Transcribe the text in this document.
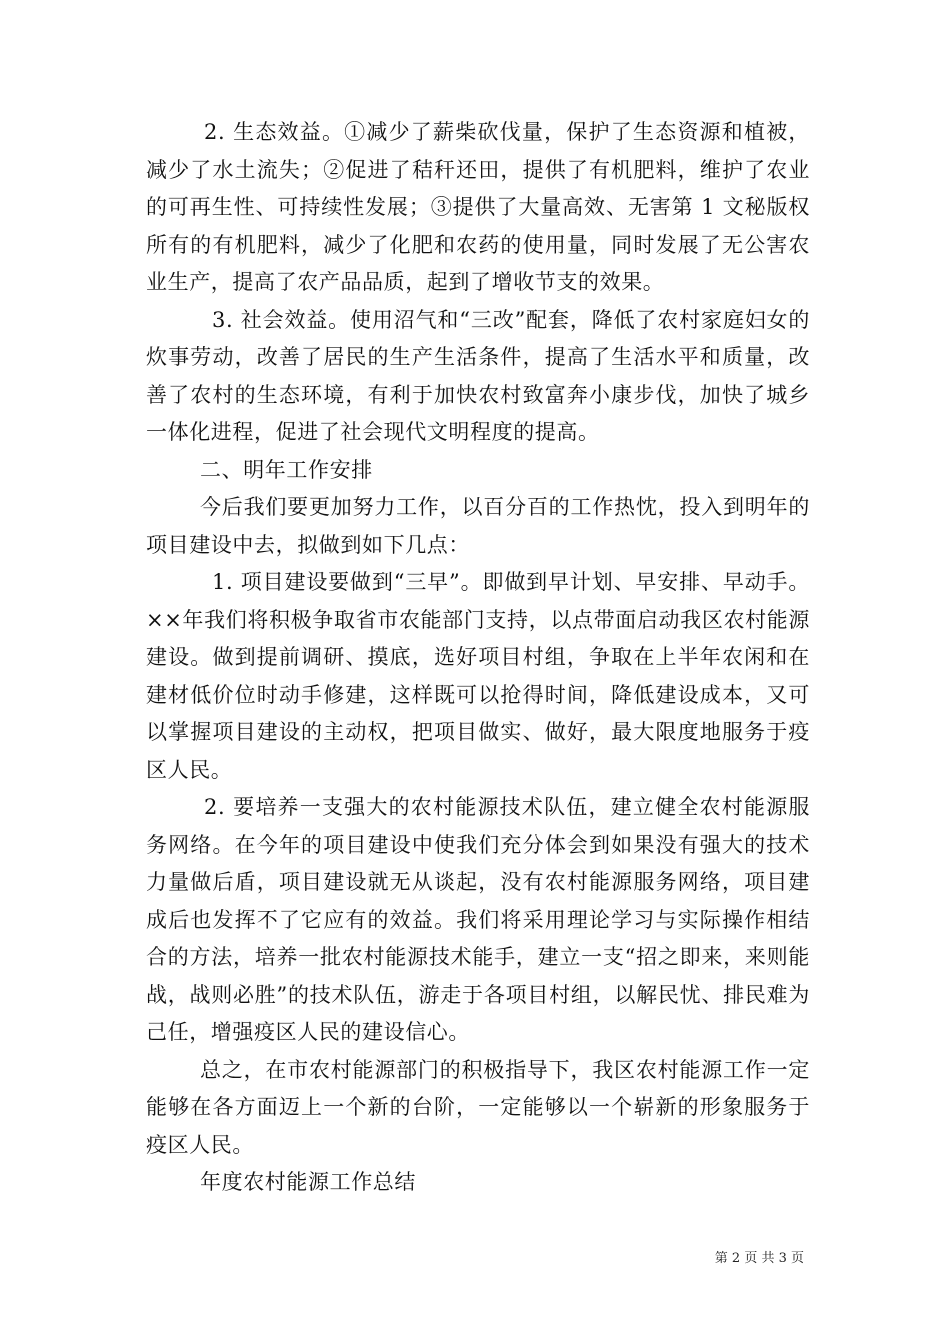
2. 生态效益。①减少了薪柴砍伐量，保护了生态资源和植被，减少了水土流失；②促进了秸秆还田，提供了有机肥料，维护了农业的可再生性、可持续性发展；③提供了大量高效、无害第 1 文秘版权所有的有机肥料，减少了化肥和农药的使用量，同时发展了无公害农业生产，提高了农产品品质，起到了增收节支的效果。

3. 社会效益。使用沼气和“三改”配套，降低了农村家庭妇女的炊事劳动，改善了居民的生产生活条件，提高了生活水平和质量，改善了农村的生态环境，有利于加快农村致富奔小康步伐，加快了城乡一体化进程，促进了社会现代文明程度的提高。

二、明年工作安排

今后我们要更加努力工作，以百分百的工作热忱，投入到明年的项目建设中去，拟做到如下几点：

1. 项目建设要做到“三早”。即做到早计划、早安排、早动手。××年我们将积极争取省市农能部门支持，以点带面启动我区农村能源建设。做到提前调研、摸底，选好项目村组，争取在上半年农闲和在建材低价位时动手修建，这样既可以抢得时间，降低建设成本，又可以掌握项目建设的主动权，把项目做实、做好，最大限度地服务于疫区人民。

2. 要培养一支强大的农村能源技术队伍，建立健全农村能源服务网络。在今年的项目建设中使我们充分体会到如果没有强大的技术力量做后盾，项目建设就无从谈起，没有农村能源服务网络，项目建成后也发挥不了它应有的效益。我们将采用理论学习与实际操作相结合的方法，培养一批农村能源技术能手，建立一支“招之即来，来则能战，战则必胜”的技术队伍，游走于各项目村组，以解民忧、排民难为己任，增强疫区人民的建设信心。

总之，在市农村能源部门的积极指导下，我区农村能源工作一定能够在各方面迈上一个新的台阶，一定能够以一个崭新的形象服务于疫区人民。

年度农村能源工作总结

第 2 页 共 3 页
